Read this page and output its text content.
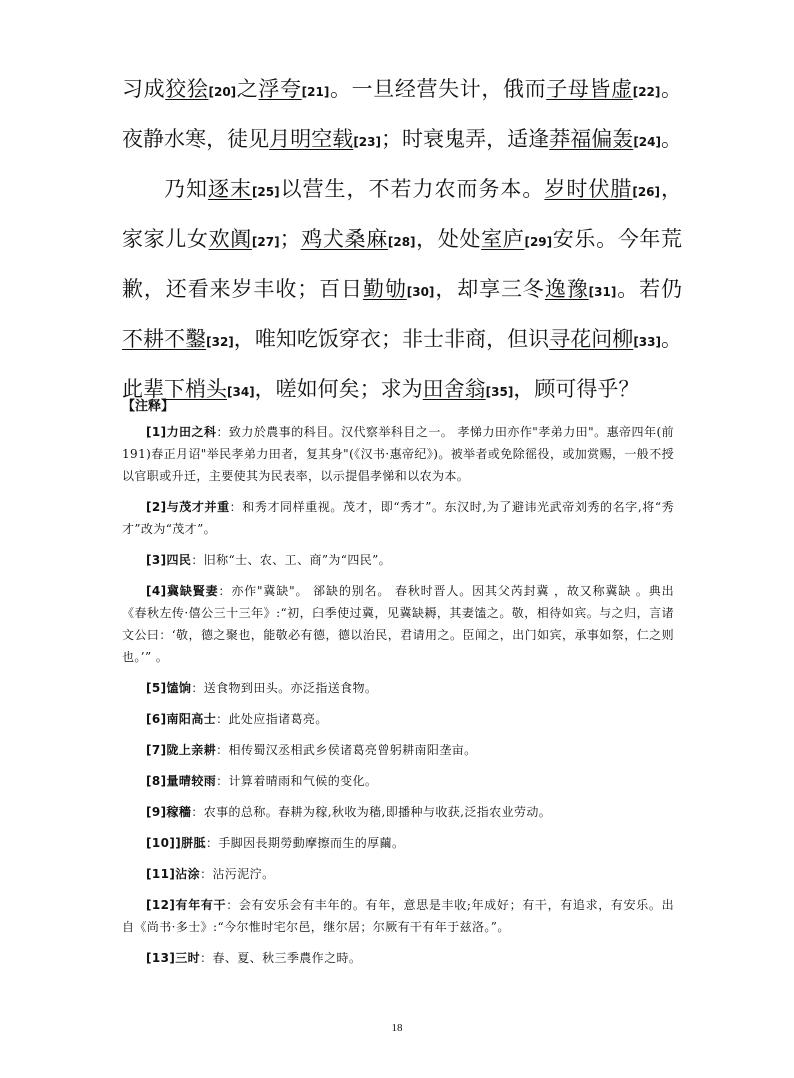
习成狡狯[20]之浮夸[21]。一旦经营失计，俄而子母皆虚[22]。
夜静水寒，徒见月明空载[23]；时衰鬼弄，适逢莽福偏轰[24]。
乃知逐末[25]以营生，不若力农而务本。岁时伏腊[26]，
家家儿女欢阗[27]；鸡犬桑麻[28]，处处室庐[29]安乐。今年荒
歉，还看来岁丰收；百日勤劬[30]，却享三冬逸豫[31]。若仍
不耕不鑿[32]，唯知吃饭穿衣；非士非商，但识寻花问柳[33]。
此辈下梢头[34]，嗟如何矣；求为田舍翁[35]，顾可得乎？
【注释】
[1]力田之科：致力於農事的科目。汉代察举科目之一。 孝悌力田亦作"孝弟力田"。惠帝四年(前 191)春正月诏"举民孝弟力田者，复其身"(《汉书·惠帝纪》)。被举者或免除徭役，或加赏赐，一般不授以官职或升迁，主要使其为民表率，以示提倡孝悌和以农为本。
[2]与茂才并重：和秀才同样重视。茂才，即“秀才”。东汉时,为了避讳光武帝刘秀的名字,将“秀才”改为“茂才”。
[3]四民：旧称“士、农、工、商”为“四民”。
[4]冀缺賢妻：亦作"冀缺"。 郤缺的别名。 春秋时晋人。因其父芮封冀 ，故又称冀缺 。典出《春秋左传·僖公三十三年》:“初，臼季使过冀，见冀缺耨，其妻馌之。敬，相待如宾。与之归，言诸文公曰：‘敬，德之聚也，能敬必有德，德以治民，君请用之。臣闻之，出门如宾，承事如祭，仁之则也。’” 。
[5]馌饷：送食物到田头。亦泛指送食物。
[6]南阳高士：此处应指诸葛亮。
[7]陇上亲耕：相传蜀汉丞相武乡侯诸葛亮曾躬耕南阳垄亩。
[8]量晴较雨：计算着晴雨和气候的变化。
[9]稼穡：农事的总称。春耕为稼,秋收为穑,即播种与收获,泛指农业劳动。
[10]]胼胝：手脚因長期勞動摩擦而生的厚繭。
[11]沾涂：沾污泥泞。
[12]有年有干：会有安乐会有丰年的。有年，意思是丰收;年成好；有干，有追求，有安乐。出自《尚书·多士》:“今尔惟时宅尔邑，继尔居；尔厥有干有年于兹洛。”。
[13]三时：春、夏、秋三季農作之時。
18
